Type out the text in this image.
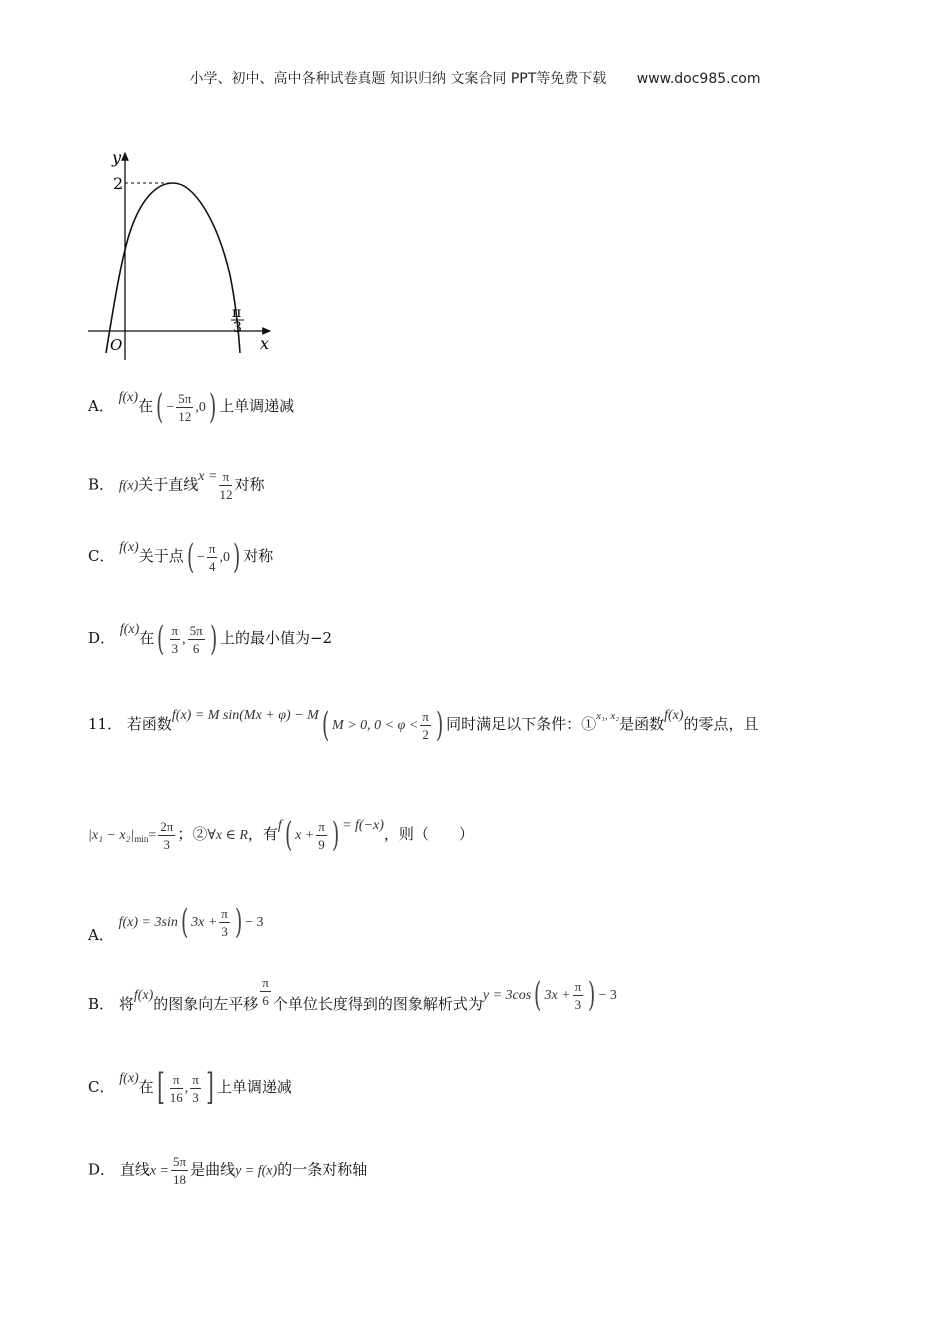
小学、初中、高中各种试卷真题 知识归纳 文案合同 PPT等免费下载 www.doc985.com
y
x
O
2
π
3
A． f(x)在( − $\frac{5\pi}{12} ,0$) 上单调递减
B． f(x)关于直线$x = \frac{\pi}{12}$ 对称
C． f(x)关于点( − $\frac{\pi}{4} ,0$) 对称
D． f(x)在( $\frac{\pi}{3}$ , $\frac{5\pi}{6}$ ) 上的最小值为−2
11． 若函数f(x) = M sin(Mx + φ) − M( M > 0, $0 < \varphi < \frac{\pi}{2}$ ) 同时满足以下条件：①$^{x_1, x_2}$是函数f(x)的零点，且
$|x_1 - x_2|_{min}= \frac{2\pi}{3}$ ；②∀x ∈ R，有f( $x + \frac{\pi}{9}$ ) = f(−x)，则（　　）
A． f(x) = 3sin( $3x + \frac{\pi}{3}$ ) − 3
B． 将f(x)的图象向左平移 $\frac{\pi}{6}$ 个单位长度得到的图象解析式为y = 3cos( $3x + \frac{\pi}{3}$ ) − 3
C． f(x)在[ $\frac{\pi}{16}$ , $\frac{\pi}{3}$ ] 上单调递减
D． 直线$x = \frac{5\pi}{18}$ 是曲线y = f(x)的一条对称轴
